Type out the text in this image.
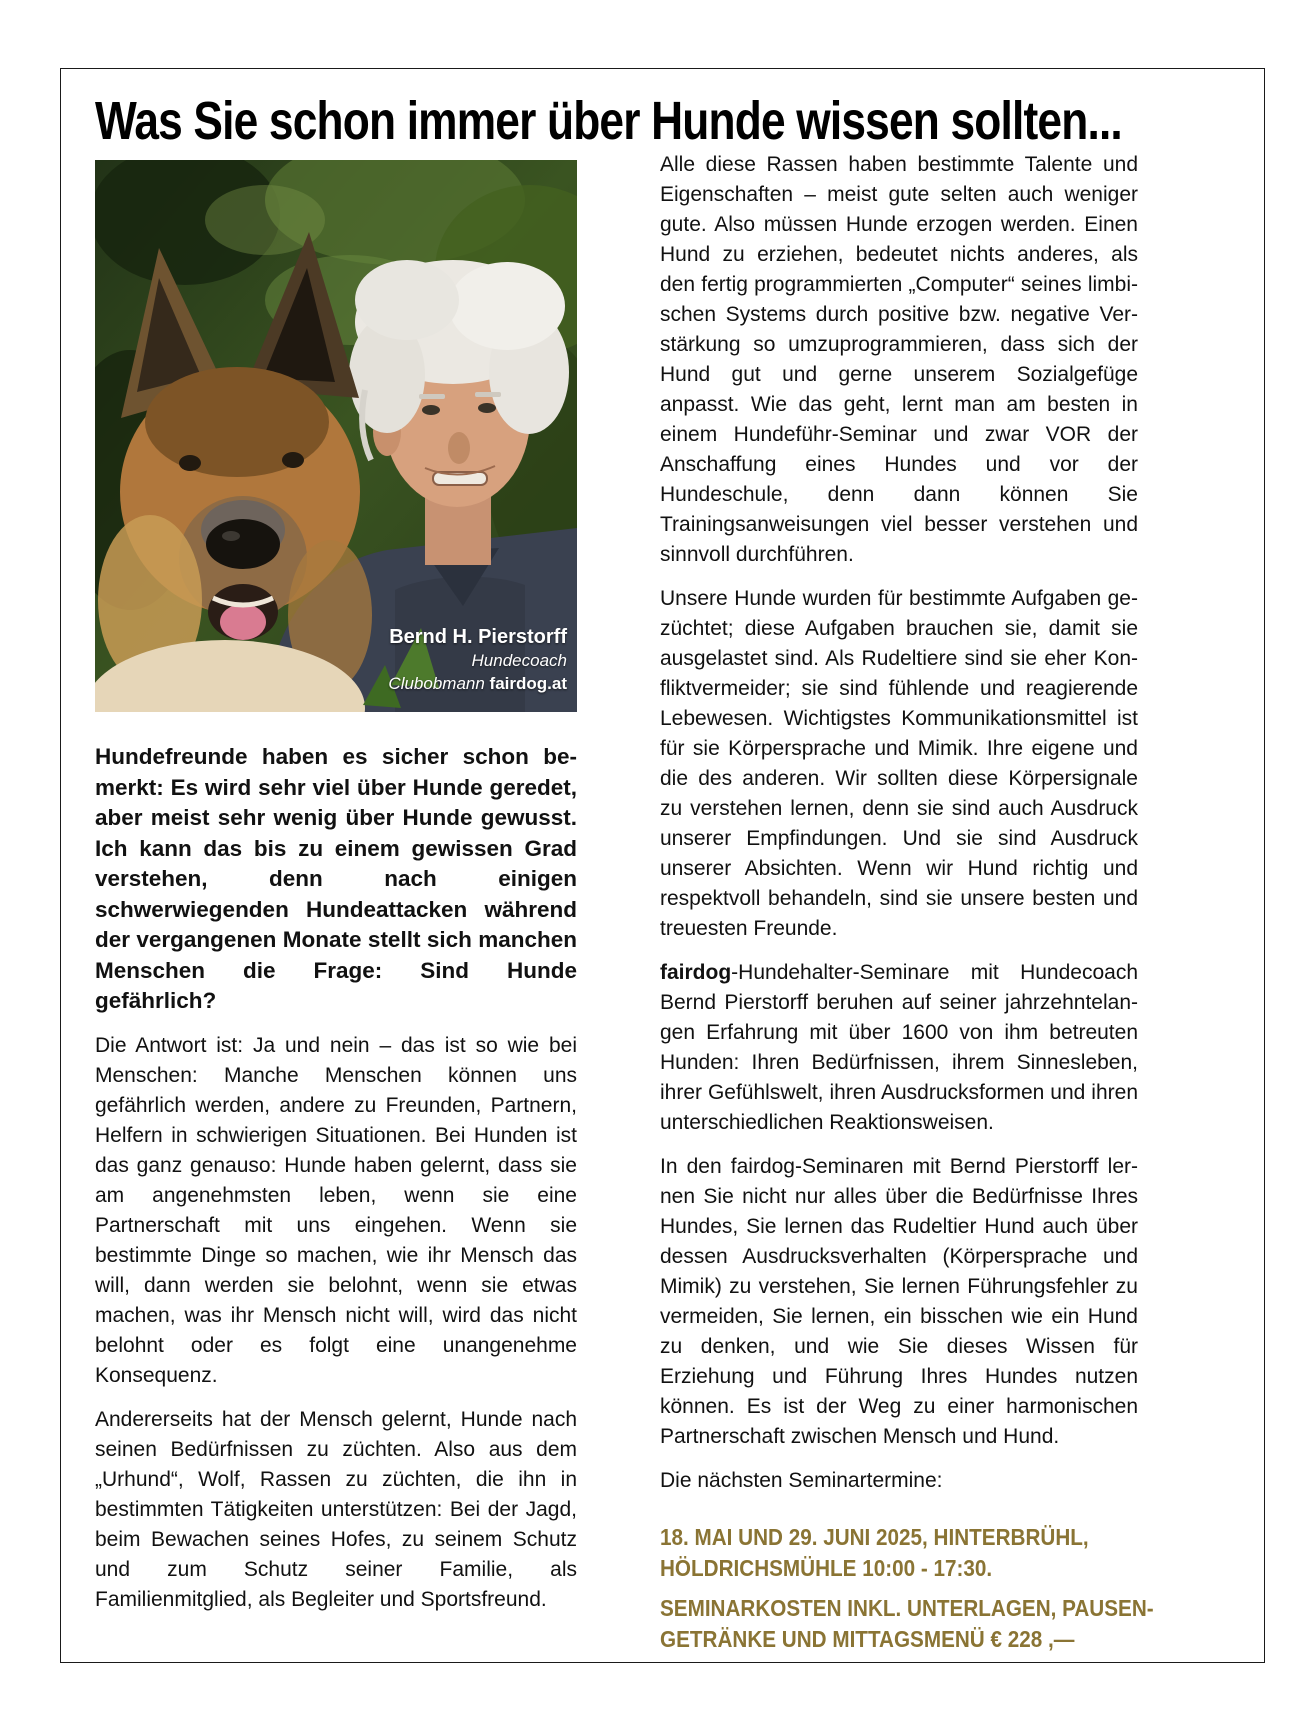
Was Sie schon immer über Hunde wissen sollten...
Bernd H. Pierstorff
Hundecoach
Clubobmann fairdog.at
Hundefreunde haben es sicher schon bemerkt: Es wird sehr viel über Hunde geredet, aber meist sehr wenig über Hunde gewusst. Ich kann das bis zu einem gewissen Grad verstehen, denn nach einigen schwerwiegenden Hundeattacken während der vergangenen Monate stellt sich manchen Menschen die Frage: Sind Hunde gefährlich?

Die Antwort ist: Ja und nein – das ist so wie bei Menschen: Manche Menschen können uns gefährlich werden, andere zu Freunden, Partnern, Helfern in schwierigen Situationen. Bei Hunden ist das ganz genauso: Hunde haben gelernt, dass sie am angenehmsten leben, wenn sie eine Partnerschaft mit uns eingehen. Wenn sie bestimmte Dinge so machen, wie ihr Mensch das will, dann werden sie belohnt, wenn sie etwas machen, was ihr Mensch nicht will, wird das nicht belohnt oder es folgt eine unangenehme Konsequenz.

Andererseits hat der Mensch gelernt, Hunde nach seinen Bedürfnissen zu züchten. Also aus dem „Urhund“, Wolf, Rassen zu züchten, die ihn in bestimmten Tätigkeiten unterstützen: Bei der Jagd, beim Bewachen seines Hofes, zu seinem Schutz und zum Schutz seiner Familie, als Familienmitglied, als Begleiter und Sportsfreund.

Alle diese Rassen haben bestimmte Talente und Eigenschaften – meist gute selten auch weniger gute. Also müssen Hunde erzogen werden. Einen Hund zu erziehen, bedeutet nichts anderes, als den fertig programmierten „Computer“ seines limbischen Systems durch positive bzw. negative Verstärkung so umzuprogrammieren, dass sich der Hund gut und gerne unserem Sozialgefüge anpasst. Wie das geht, lernt man am besten in einem Hundeführ-Seminar und zwar VOR der Anschaffung eines Hundes und vor der Hundeschule, denn dann können Sie Trainingsanweisungen viel besser verstehen und sinnvoll durchführen.

Unsere Hunde wurden für bestimmte Aufgaben gezüchtet; diese Aufgaben brauchen sie, damit sie ausgelastet sind. Als Rudeltiere sind sie eher Konfliktvermeider; sie sind fühlende und reagierende Lebewesen. Wichtigstes Kommunikationsmittel ist für sie Körpersprache und Mimik. Ihre eigene und die des anderen. Wir sollten diese Körpersignale zu verstehen lernen, denn sie sind auch Ausdruck unserer Empfindungen. Und sie sind Ausdruck unserer Absichten. Wenn wir Hund richtig und respektvoll behandeln, sind sie unsere besten und treuesten Freunde.

fairdog-Hundehalter-Seminare mit Hundecoach Bernd Pierstorff beruhen auf seiner jahrzehntelangen Erfahrung mit über 1600 von ihm betreuten Hunden: Ihren Bedürfnissen, ihrem Sinnesleben, ihrer Gefühlswelt, ihren Ausdrucksformen und ihren unterschiedlichen Reaktionsweisen.

In den fairdog-Seminaren mit Bernd Pierstorff lernen Sie nicht nur alles über die Bedürfnisse Ihres Hundes, Sie lernen das Rudeltier Hund auch über dessen Ausdrucksverhalten (Körpersprache und Mimik) zu verstehen, Sie lernen Führungsfehler zu vermeiden, Sie lernen, ein bisschen wie ein Hund zu denken, und wie Sie dieses Wissen für Erziehung und Führung Ihres Hundes nutzen können. Es ist der Weg zu einer harmonischen Partnerschaft zwischen Mensch und Hund.

Die nächsten Seminartermine:

18. MAI UND 29. JUNI 2025, HINTERBRÜHL,
HÖLDRICHSMÜHLE 10:00 - 17:30.
SEMINARKOSTEN INKL. UNTERLAGEN, PAUSEN-
GETRÄNKE UND MITTAGSMENÜ € 228 ,—
